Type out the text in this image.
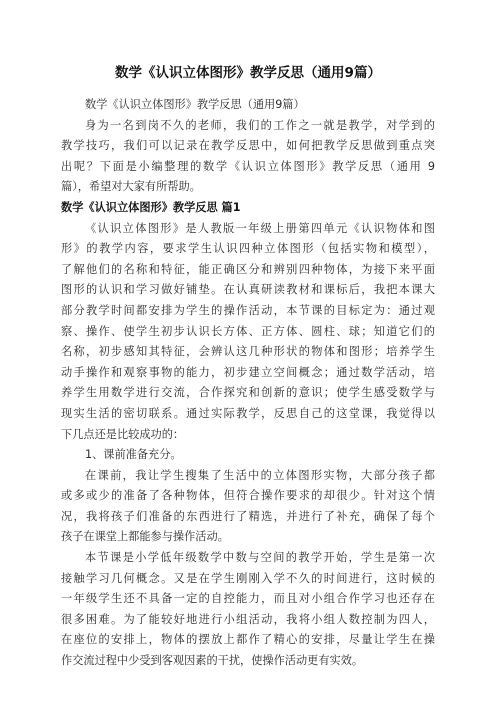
数学《认识立体图形》教学反思（通用9篇）
数学《认识立体图形》教学反思（通用9篇）
身为一名到岗不久的老师，我们的工作之一就是教学，对学到的
教学技巧，我们可以记录在教学反思中，如何把教学反思做到重点突
出呢？下面是小编整理的数学《认识立体图形》教学反思（通用 9
篇），希望对大家有所帮助。
数学《认识立体图形》教学反思 篇1
《认识立体图形》是人教版一年级上册第四单元《认识物体和图
形》的教学内容，要求学生认识四种立体图形（包括实物和模型），
了解他们的名称和特征，能正确区分和辨别四种物体，为接下来平面
图形的认识和学习做好铺垫。在认真研读教材和课标后，我把本课大
部分教学时间都安排为学生的操作活动，本节课的目标定为：通过观
察、操作、使学生初步认识长方体、正方体、圆柱、球；知道它们的
名称，初步感知其特征，会辨认这几种形状的物体和图形；培养学生
动手操作和观察事物的能力，初步建立空间概念；通过数学活动，培
养学生用数学进行交流，合作探究和创新的意识；使学生感受数学与
现实生活的密切联系。通过实际教学，反思自己的这堂课，我觉得以
下几点还是比较成功的：
1、课前准备充分。
在课前，我让学生搜集了生活中的立体图形实物，大部分孩子都
或多或少的准备了各种物体，但符合操作要求的却很少。针对这个情
况，我将孩子们准备的东西进行了精选，并进行了补充，确保了每个
孩子在课堂上都能参与操作活动。
本节课是小学低年级数学中数与空间的教学开始，学生是第一次
接触学习几何概念。又是在学生刚刚入学不久的时间进行，这时候的
一年级学生还不具备一定的自控能力，而且对小组合作学习也还存在
很多困难。为了能较好地进行小组活动，我将小组人数控制为四人，
在座位的安排上，物体的摆放上都作了精心的安排，尽量让学生在操
作交流过程中少受到客观因素的干扰，使操作活动更有实效。
